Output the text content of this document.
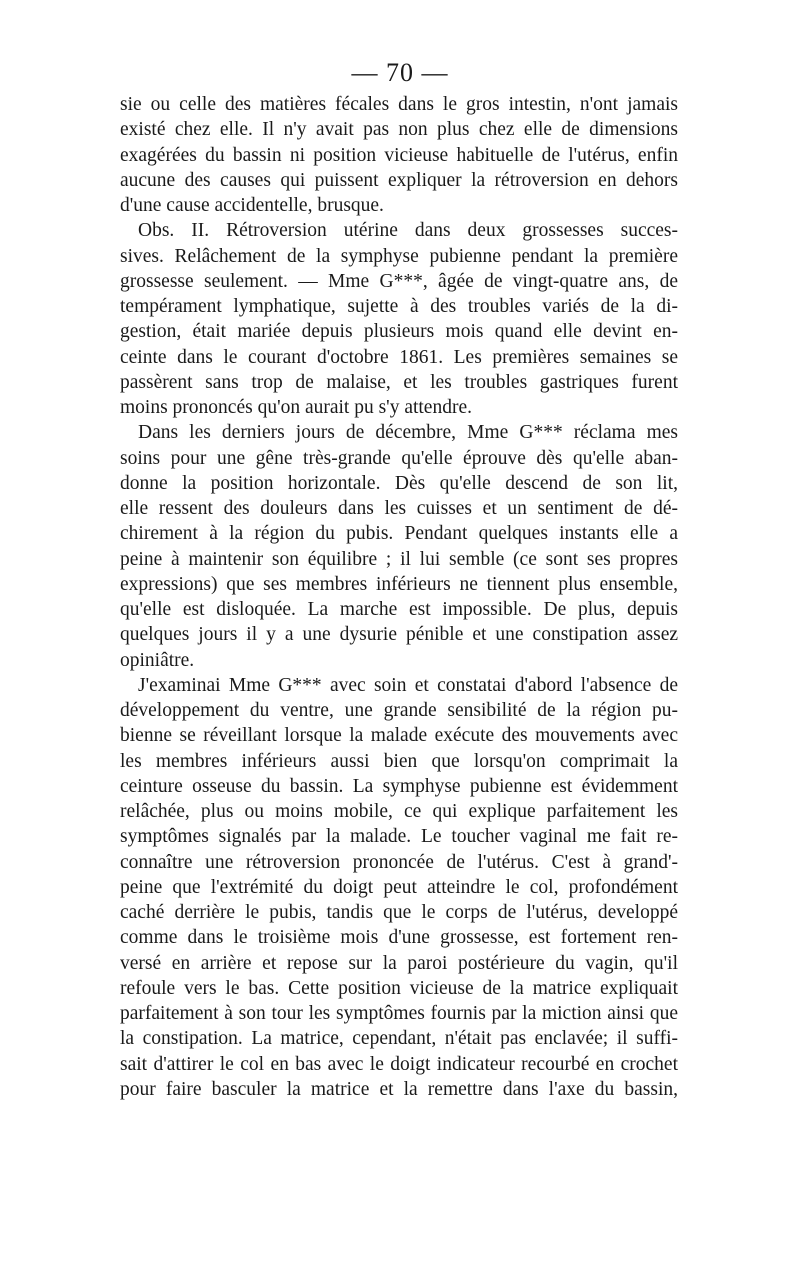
— 70 —
sie ou celle des matières fécales dans le gros intestin, n'ont jamais
existé chez elle. Il n'y avait pas non plus chez elle de dimensions
exagérées du bassin ni position vicieuse habituelle de l'utérus, enfin
aucune des causes qui puissent expliquer la rétroversion en dehors
d'une cause accidentelle, brusque.
Obs. II. Rétroversion utérine dans deux grossesses succes-
sives. Relâchement de la symphyse pubienne pendant la première
grossesse seulement. — Mme G***, âgée de vingt-quatre ans, de
tempérament lymphatique, sujette à des troubles variés de la di-
gestion, était mariée depuis plusieurs mois quand elle devint en-
ceinte dans le courant d'octobre 1861. Les premières semaines se
passèrent sans trop de malaise, et les troubles gastriques furent
moins prononcés qu'on aurait pu s'y attendre.
Dans les derniers jours de décembre, Mme G*** réclama mes
soins pour une gêne très-grande qu'elle éprouve dès qu'elle aban-
donne la position horizontale. Dès qu'elle descend de son lit,
elle ressent des douleurs dans les cuisses et un sentiment de dé-
chirement à la région du pubis. Pendant quelques instants elle a
peine à maintenir son équilibre ; il lui semble (ce sont ses propres
expressions) que ses membres inférieurs ne tiennent plus ensemble,
qu'elle est disloquée. La marche est impossible. De plus, depuis
quelques jours il y a une dysurie pénible et une constipation assez
opiniâtre.
J'examinai Mme G*** avec soin et constatai d'abord l'absence de
développement du ventre, une grande sensibilité de la région pu-
bienne se réveillant lorsque la malade exécute des mouvements avec
les membres inférieurs aussi bien que lorsqu'on comprimait la
ceinture osseuse du bassin. La symphyse pubienne est évidemment
relâchée, plus ou moins mobile, ce qui explique parfaitement les
symptômes signalés par la malade. Le toucher vaginal me fait re-
connaître une rétroversion prononcée de l'utérus. C'est à grand'-
peine que l'extrémité du doigt peut atteindre le col, profondément
caché derrière le pubis, tandis que le corps de l'utérus, developpé
comme dans le troisième mois d'une grossesse, est fortement ren-
versé en arrière et repose sur la paroi postérieure du vagin, qu'il
refoule vers le bas. Cette position vicieuse de la matrice expliquait
parfaitement à son tour les symptômes fournis par la miction ainsi que
la constipation. La matrice, cependant, n'était pas enclavée; il suffi-
sait d'attirer le col en bas avec le doigt indicateur recourbé en crochet
pour faire basculer la matrice et la remettre dans l'axe du bassin,
